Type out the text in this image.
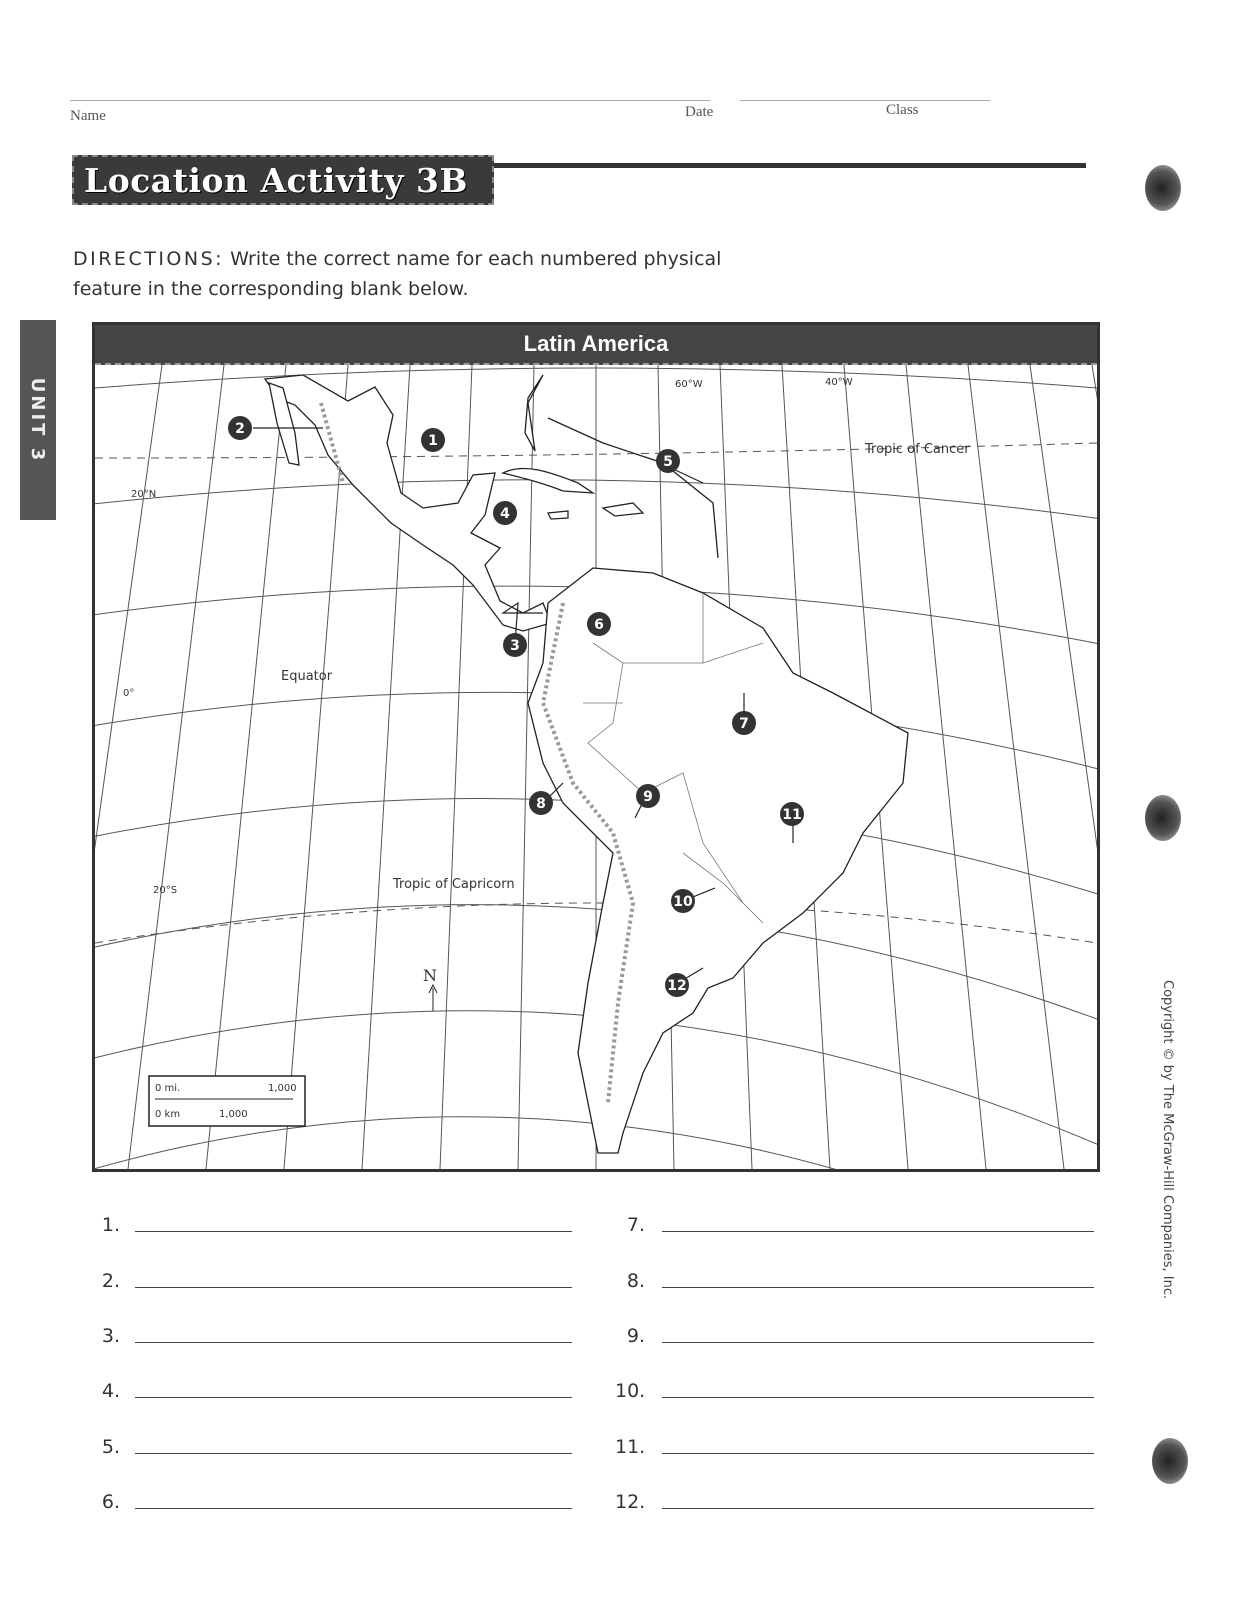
Name	Date	Class
Location Activity 3B
UNIT 3
DIRECTIONS: Write the correct name for each numbered physical feature in the corresponding blank below.
Latin America
1
2
3
4
5
6
7
8	9
10
11
12
Tropic of Cancer
Tropic of Capricorn
Equator
20°N
0°
20°S
60°W	40°W
N
0 mi.	1,000
0 km	1,000
1.
2.
3.
4.
5.
6.
7.
8.
9.
10.
11.
12.
Copyright © by The McGraw-Hill Companies, Inc.
